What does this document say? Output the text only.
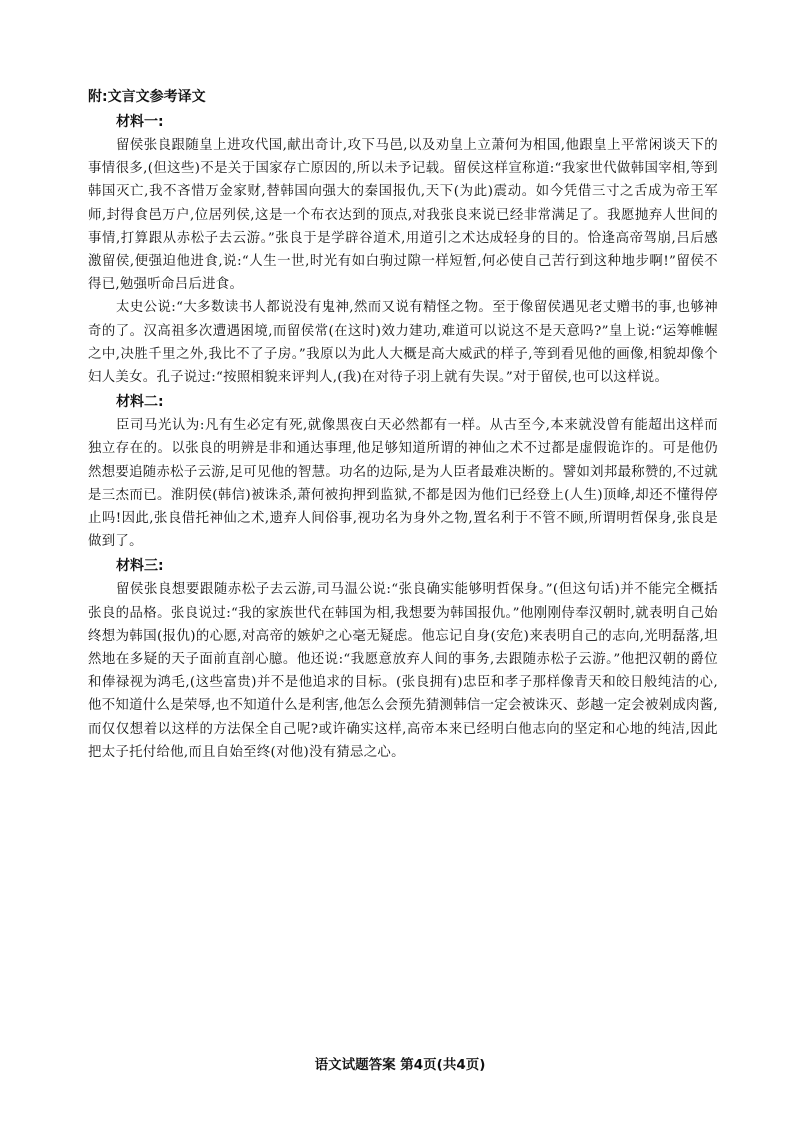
附:文言文参考译文

材料一:

留侯张良跟随皇上进攻代国,献出奇计,攻下马邑,以及劝皇上立萧何为相国,他跟皇上平常闲谈天下的事情很多,(但这些)不是关于国家存亡原因的,所以未予记载。留侯这样宣称道:“我家世代做韩国宰相,等到韩国灭亡,我不吝惜万金家财,替韩国向强大的秦国报仇,天下(为此)震动。如今凭借三寸之舌成为帝王军师,封得食邑万户,位居列侯,这是一个布衣达到的顶点,对我张良来说已经非常满足了。我愿抛弃人世间的事情,打算跟从赤松子去云游。”张良于是学辟谷道术,用道引之术达成轻身的目的。恰逢高帝驾崩,吕后感激留侯,便强迫他进食,说:“人生一世,时光有如白驹过隙一样短暂,何必使自己苦行到这种地步啊!”留侯不得已,勉强听命吕后进食。

太史公说:“大多数读书人都说没有鬼神,然而又说有精怪之物。至于像留侯遇见老丈赠书的事,也够神奇的了。汉高祖多次遭遇困境,而留侯常(在这时)效力建功,难道可以说这不是天意吗?”皇上说:“运筹帷幄之中,决胜千里之外,我比不了子房。”我原以为此人大概是高大威武的样子,等到看见他的画像,相貌却像个妇人美女。孔子说过:“按照相貌来评判人,(我)在对待子羽上就有失误。”对于留侯,也可以这样说。

材料二:

臣司马光认为:凡有生必定有死,就像黑夜白天必然都有一样。从古至今,本来就没曾有能超出这样而独立存在的。以张良的明辨是非和通达事理,他足够知道所谓的神仙之术不过都是虚假诡诈的。可是他仍然想要追随赤松子云游,足可见他的智慧。功名的边际,是为人臣者最难决断的。譬如刘邦最称赞的,不过就是三杰而已。淮阴侯(韩信)被诛杀,萧何被拘押到监狱,不都是因为他们已经登上(人生)顶峰,却还不懂得停止吗!因此,张良借托神仙之术,遗弃人间俗事,视功名为身外之物,置名利于不管不顾,所谓明哲保身,张良是做到了。

材料三:

留侯张良想要跟随赤松子去云游,司马温公说:“张良确实能够明哲保身。”(但这句话)并不能完全概括张良的品格。张良说过:“我的家族世代在韩国为相,我想要为韩国报仇。”他刚刚侍奉汉朝时,就表明自己始终想为韩国(报仇)的心愿,对高帝的嫉妒之心毫无疑虑。他忘记自身(安危)来表明自己的志向,光明磊落,坦然地在多疑的天子面前直剖心臆。他还说:“我愿意放弃人间的事务,去跟随赤松子云游。”他把汉朝的爵位和俸禄视为鸿毛,(这些富贵)并不是他追求的目标。(张良拥有)忠臣和孝子那样像青天和皎日般纯洁的心,他不知道什么是荣辱,也不知道什么是利害,他怎么会预先猜测韩信一定会被诛灭、彭越一定会被剁成肉酱,而仅仅想着以这样的方法保全自己呢?或许确实这样,高帝本来已经明白他志向的坚定和心地的纯洁,因此把太子托付给他,而且自始至终(对他)没有猜忌之心。

语文试题答案 第4页(共4页)
